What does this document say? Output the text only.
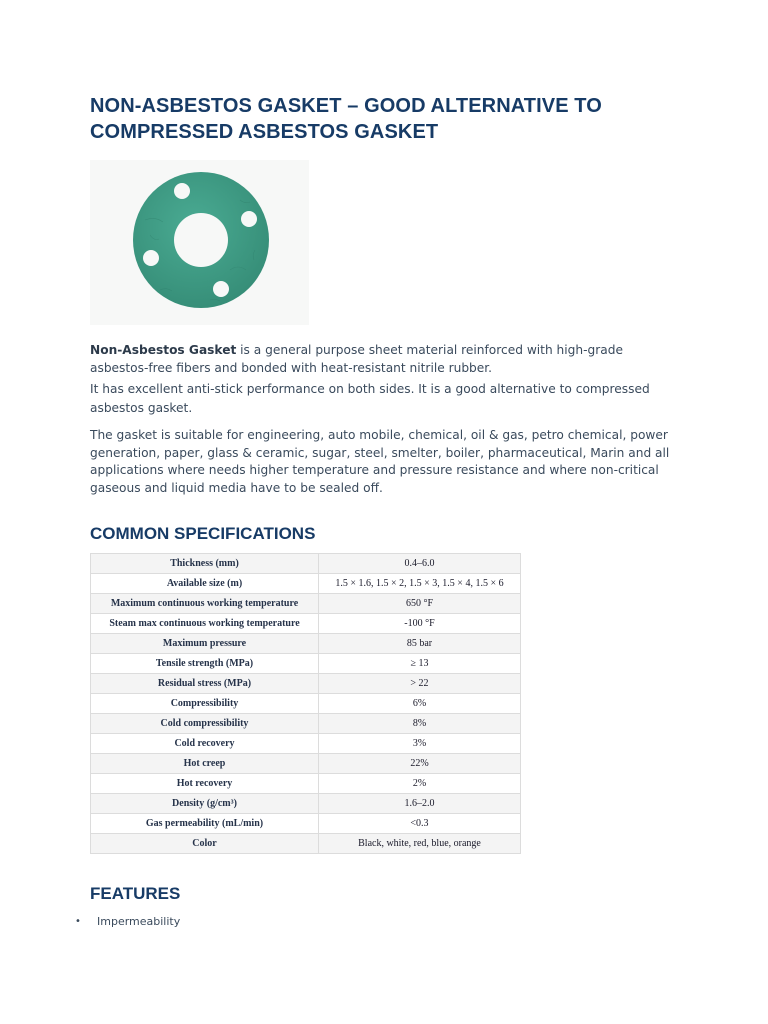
NON-ASBESTOS GASKET – GOOD ALTERNATIVE TO COMPRESSED ASBESTOS GASKET

Non-Asbestos Gasket is a general purpose sheet material reinforced with high-grade asbestos-free fibers and bonded with heat-resistant nitrile rubber.

It has excellent anti-stick performance on both sides. It is a good alternative to compressed asbestos gasket.

The gasket is suitable for engineering, auto mobile, chemical, oil & gas, petro chemical, power generation, paper, glass & ceramic, sugar, steel, smelter, boiler, pharmaceutical, Marin and all applications where needs higher temperature and pressure resistance and where non-critical gaseous and liquid media have to be sealed off.

COMMON SPECIFICATIONS
Thickness (mm)	0.4–6.0
Available size (m)	1.5 × 1.6, 1.5 × 2, 1.5 × 3, 1.5 × 4, 1.5 × 6
Maximum continuous working temperature	650 °F
Steam max continuous working temperature	-100 °F
Maximum pressure	85 bar
Tensile strength (MPa)	≥ 13
Residual stress (MPa)	> 22
Compressibility	6%
Cold compressibility	8%
Cold recovery	3%
Hot creep	22%
Hot recovery	2%
Density (g/cm³)	1.6–2.0
Gas permeability (mL/min)	<0.3
Color	Black, white, red, blue, orange
FEATURES
• Impermeability
